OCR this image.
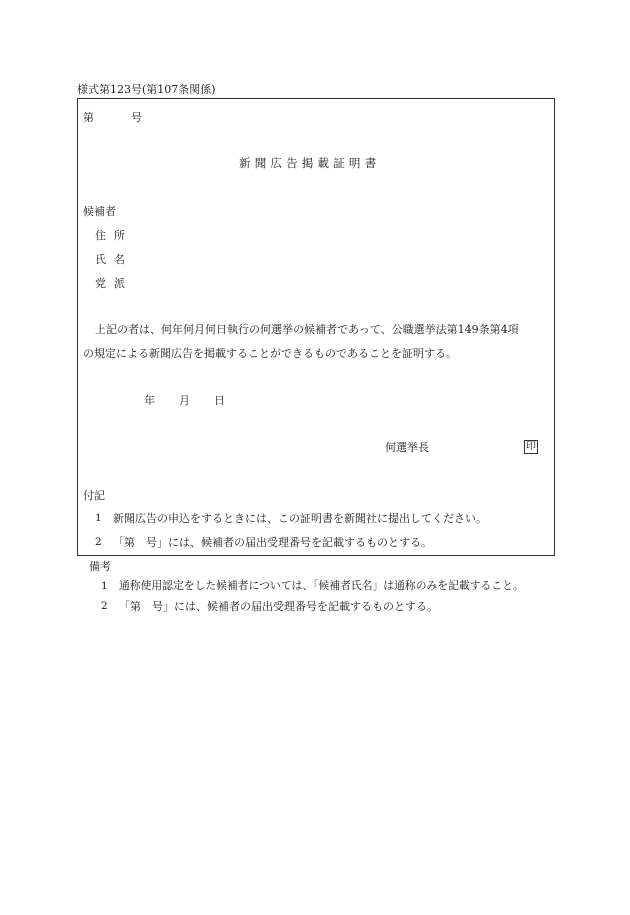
様式第123号(第107条関係)
第	号
新聞広告掲載証明書
候補者
住所
氏名
党派
上記の者は、何年何月何日執行の何選挙の候補者であって、公職選挙法第149条第4項
の規定による新聞広告を掲載することができるものであることを証明する。
年 月 日
何選挙長	印
付記
1 新聞広告の申込をするときには、この証明書を新聞社に提出してください。
2 「第　号」には、候補者の届出受理番号を記載するものとする。
備考
1 通称使用認定をした候補者については、「候補者氏名」は通称のみを記載すること。
2 「第　号」には、候補者の届出受理番号を記載するものとする。
